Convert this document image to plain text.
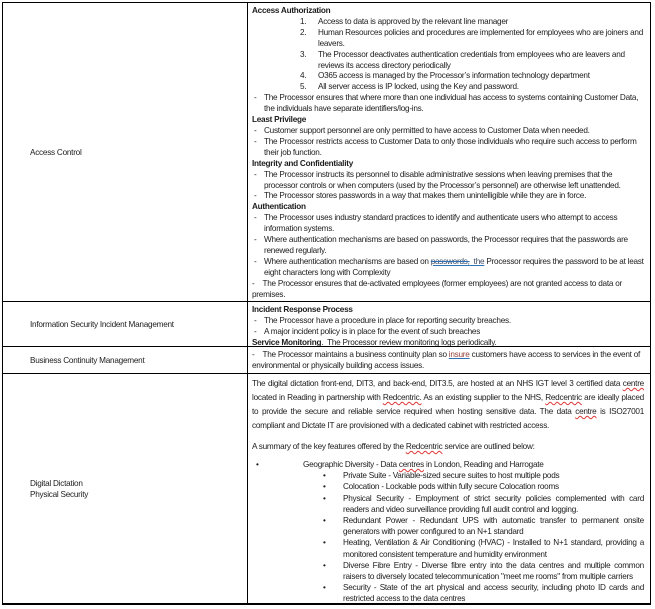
Access Control
Access Authorization
1. Access to data is approved by the relevant line manager
2. Human Resources policies and procedures are implemented for employees who are joiners and leavers.
3. The Processor deactivates authentication credentials from employees who are leavers and reviews its access directory periodically
4. O365 access is managed by the Processor’s information technology department
5. All server access is IP locked, using the Key and password.
- The Processor ensures that where more than one individual has access to systems containing Customer Data, the individuals have separate identifiers/log-ins.
Least Privilege
- Customer support personnel are only permitted to have access to Customer Data when needed.
- The Processor restricts access to Customer Data to only those individuals who require such access to perform their job function.
Integrity and Confidentiality
- The Processor instructs its personnel to disable administrative sessions when leaving premises that the processor controls or when computers (used by the Processor’s personnel) are otherwise left unattended.
- The Processor stores passwords in a way that makes them unintelligible while they are in force.
Authentication
- The Processor uses industry standard practices to identify and authenticate users who attempt to access information systems.
- Where authentication mechanisms are based on passwords, the Processor requires that the passwords are renewed regularly.
- Where authentication mechanisms are based on passwords,  the Processor requires the password to be at least eight characters long with Complexity
- The Processor ensures that de-activated employees (former employees) are not granted access to data or premises.
Information Security Incident Management
Incident Response Process
- The Processor have a procedure in place for reporting security breaches.
- A major incident policy is in place for the event of such breaches
Service Monitoring.  The Processor review monitoring logs periodically.
Business Continuity Management
- The Processor maintains a business continuity plan so insure customers have access to services in the event of environmental or physically building access issues.
Digital Dictation
Physical Security
The digital dictation front-end, DIT3, and back-end, DIT3.5, are hosted at an NHS IGT level 3 certified data centre located in Reading in partnership with Redcentric. As an existing supplier to the NHS, Redcentric are ideally placed to provide the secure and reliable service required when hosting sensitive data. The data centre is ISO27001 compliant and Dictate IT are provisioned with a dedicated cabinet with restricted access.
A summary of the key features offered by the Redcentric service are outlined below:
•	Geographic Diversity - Data centres in London, Reading and Harrogate
• Private Suite - Variable-sized secure suites to host multiple pods
• Colocation - Lockable pods within fully secure Colocation rooms
• Physical Security - Employment of strict security policies complemented with card readers and video surveillance providing full audit control and logging.
• Redundant Power - Redundant UPS with automatic transfer to permanent onsite generators with power configured to an N+1 standard
• Heating, Ventilation & Air Conditioning (HVAC) - Installed to N+1 standard, providing a monitored consistent temperature and humidity environment
• Diverse Fibre Entry - Diverse fibre entry into the data centres and multiple common raisers to diversely located telecommunication "meet me rooms" from multiple carriers
• Security - State of the art physical and access security, including photo ID cards and restricted access to the data centres
